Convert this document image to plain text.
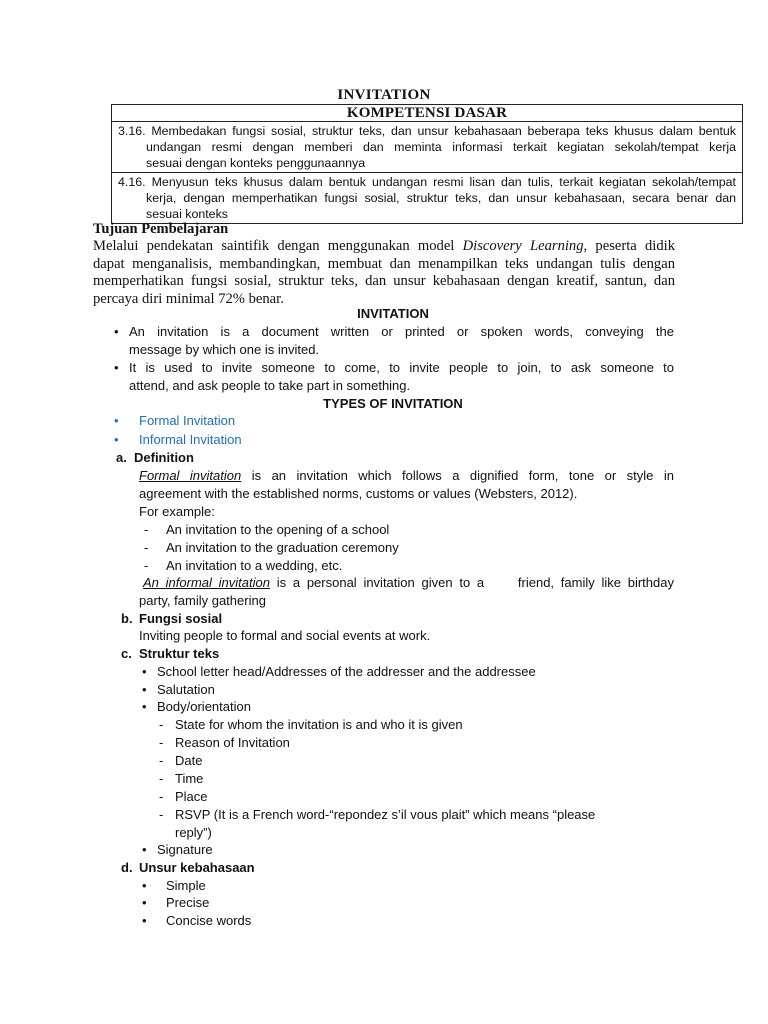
INVITATION
KOMPETENSI DASAR

3.16. Membedakan fungsi sosial, struktur teks, dan unsur kebahasaan beberapa teks khusus dalam bentuk
undangan resmi dengan memberi dan meminta informasi terkait kegiatan sekolah/tempat kerja
sesuai dengan konteks penggunaannya

4.16. Menyusun teks khusus dalam bentuk undangan resmi lisan dan tulis, terkait kegiatan sekolah/tempat
kerja, dengan memperhatikan fungsi sosial, struktur teks, dan unsur kebahasaan, secara benar dan
sesuai konteks
Tujuan Pembelajaran
Melalui pendekatan saintifik dengan menggunakan model Discovery Learning, peserta didik
dapat menganalisis, membandingkan, membuat dan menampilkan teks undangan tulis dengan
memperhatikan fungsi sosial, struktur teks, dan unsur kebahasaan dengan kreatif, santun, dan
percaya diri minimal 72% benar.
INVITATION
• An invitation is a document written or printed or spoken words, conveying the
message by which one is invited.
• It is used to invite someone to come, to invite people to join, to ask someone to
attend, and ask people to take part in something.
TYPES OF INVITATION
• Formal Invitation
• Informal Invitation
a. Definition
Formal invitation is an invitation which follows a dignified form, tone or style in
agreement with the established norms, customs or values (Websters, 2012).
For example:
- An invitation to the opening of a school
- An invitation to the graduation ceremony
- An invitation to a wedding, etc.
An informal invitation is a personal invitation given to a     friend, family like birthday
party, family gathering
b. Fungsi sosial
Inviting people to formal and social events at work.
c. Struktur teks
• School letter head/Addresses of the addresser and the addressee
• Salutation
• Body/orientation
- State for whom the invitation is and who it is given
- Reason of Invitation
- Date
- Time
- Place
- RSVP (It is a French word-“repondez s’il vous plait” which means “please
reply”)
• Signature
d. Unsur kebahasaan
• Simple
• Precise
• Concise words
